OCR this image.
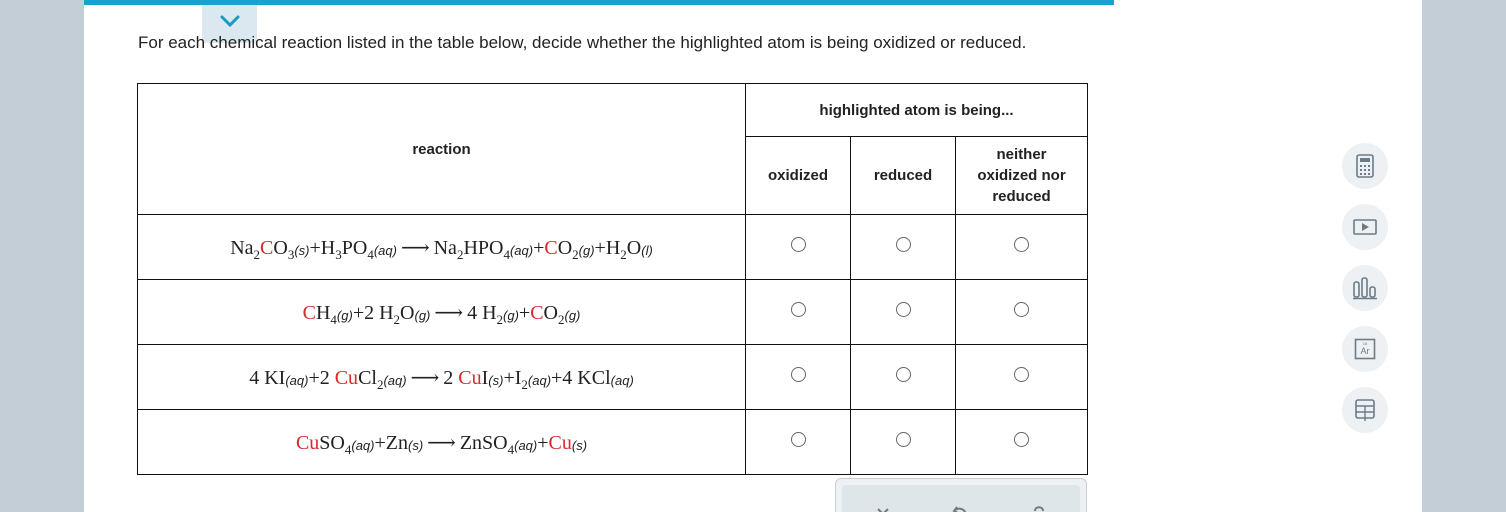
For each chemical reaction listed in the table below, decide whether the highlighted atom is being oxidized or reduced.
reaction	highlighted atom is being...		
	oxidized	reduced	neither
oxidized nor
reduced
$Na_2CO_3(s)+H_3PO_4(aq)$ ⟶ $Na_2HPO_4(aq)+CO_2(g)+H_2O(l)$			
$CH_4(g)+2$ $H_2O(g)$ ⟶ 4 $H_2(g)+CO_2(g)$			
4 KI(aq)+2 CuCl$_2$(aq) ⟶ 2 $CuI(s)+I_2(aq)+4$ KCl(aq)			
CuSO$_4$(aq)+Zn(s) ⟶ ZnSO$_4$(aq)+Cu(s)			
Ar
18
